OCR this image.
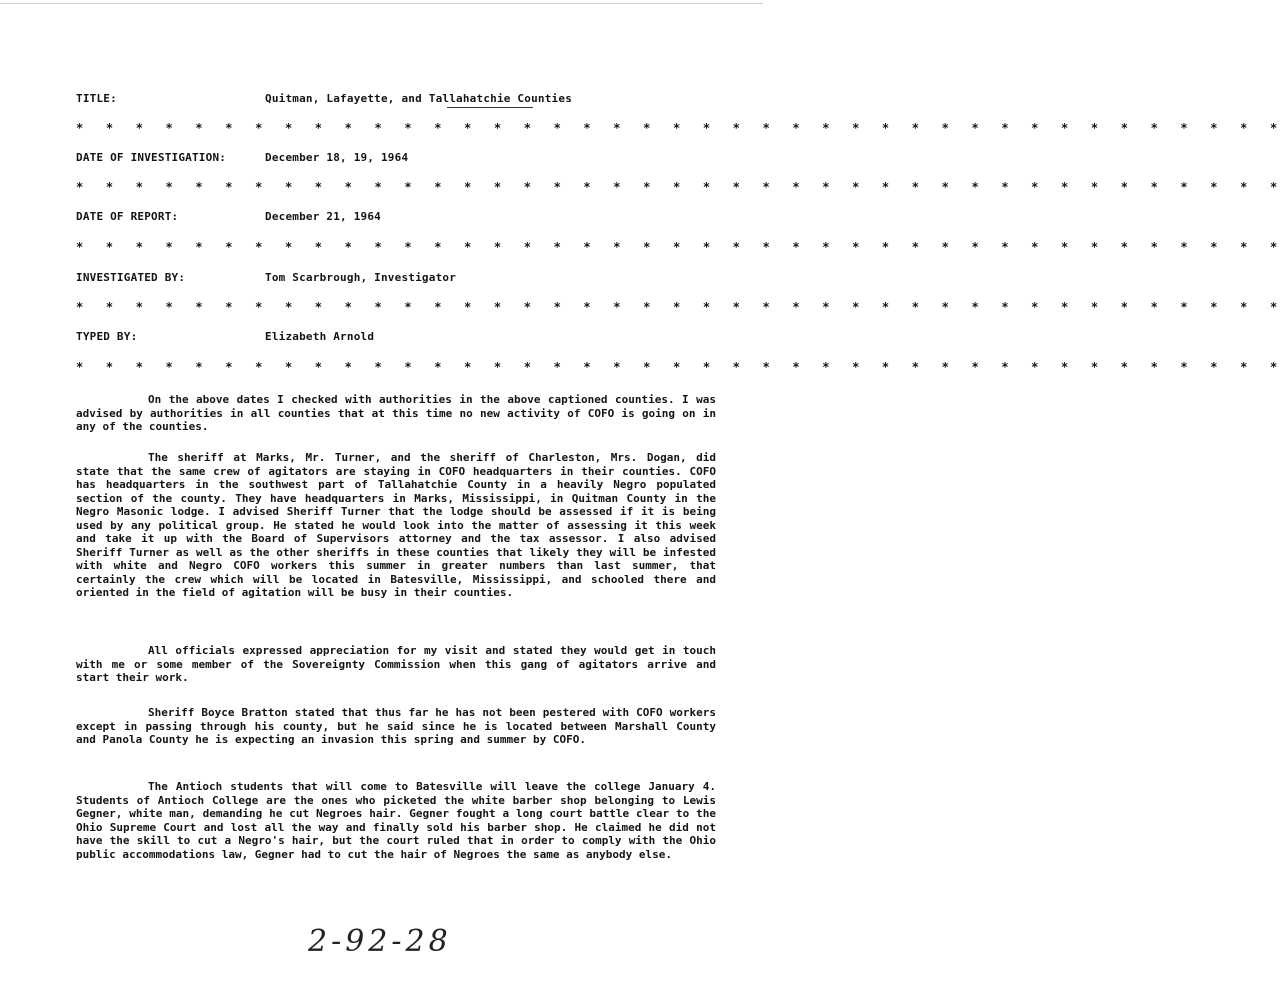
TITLE:	Quitman, Lafayette, and Tallahatchie Counties
* * * * * * * * * * * * * * * * * * * * * * * * * * * * * * * * * * * * * * * * *
DATE OF INVESTIGATION:	December 18, 19, 1964
* * * * * * * * * * * * * * * * * * * * * * * * * * * * * * * * * * * * * * * * *
DATE OF REPORT:	December 21, 1964
* * * * * * * * * * * * * * * * * * * * * * * * * * * * * * * * * * * * * * * * *
INVESTIGATED BY:	Tom Scarbrough, Investigator
* * * * * * * * * * * * * * * * * * * * * * * * * * * * * * * * * * * * * * * * *
TYPED BY:	Elizabeth Arnold
* * * * * * * * * * * * * * * * * * * * * * * * * * * * * * * * * * * * * * * * *

On the above dates I checked with authorities in the above captioned counties. I was advised by authorities in all counties that at this time no new activity of COFO is going on in any of the counties.

The sheriff at Marks, Mr. Turner, and the sheriff of Charleston, Mrs. Dogan, did state that the same crew of agitators are staying in COFO headquarters in their counties. COFO has headquarters in the southwest part of Tallahatchie County in a heavily Negro populated section of the county. They have headquarters in Marks, Mississippi, in Quitman County in the Negro Masonic lodge. I advised Sheriff Turner that the lodge should be assessed if it is being used by any political group. He stated he would look into the matter of assessing it this week and take it up with the Board of Supervisors attorney and the tax assessor. I also advised Sheriff Turner as well as the other sheriffs in these counties that likely they will be infested with white and Negro COFO workers this summer in greater numbers than last summer, that certainly the crew which will be located in Batesville, Mississippi, and schooled there and oriented in the field of agitation will be busy in their counties.

All officials expressed appreciation for my visit and stated they would get in touch with me or some member of the Sovereignty Commission when this gang of agitators arrive and start their work.

Sheriff Boyce Bratton stated that thus far he has not been pestered with COFO workers except in passing through his county, but he said since he is located between Marshall County and Panola County he is expecting an invasion this spring and summer by COFO.

The Antioch students that will come to Batesville will leave the college January 4. Students of Antioch College are the ones who picketed the white barber shop belonging to Lewis Gegner, white man, demanding he cut Negroes hair. Gegner fought a long court battle clear to the Ohio Supreme Court and lost all the way and finally sold his barber shop. He claimed he did not have the skill to cut a Negro's hair, but the court ruled that in order to comply with the Ohio public accommodations law, Gegner had to cut the hair of Negroes the same as anybody else.

2-92-28
